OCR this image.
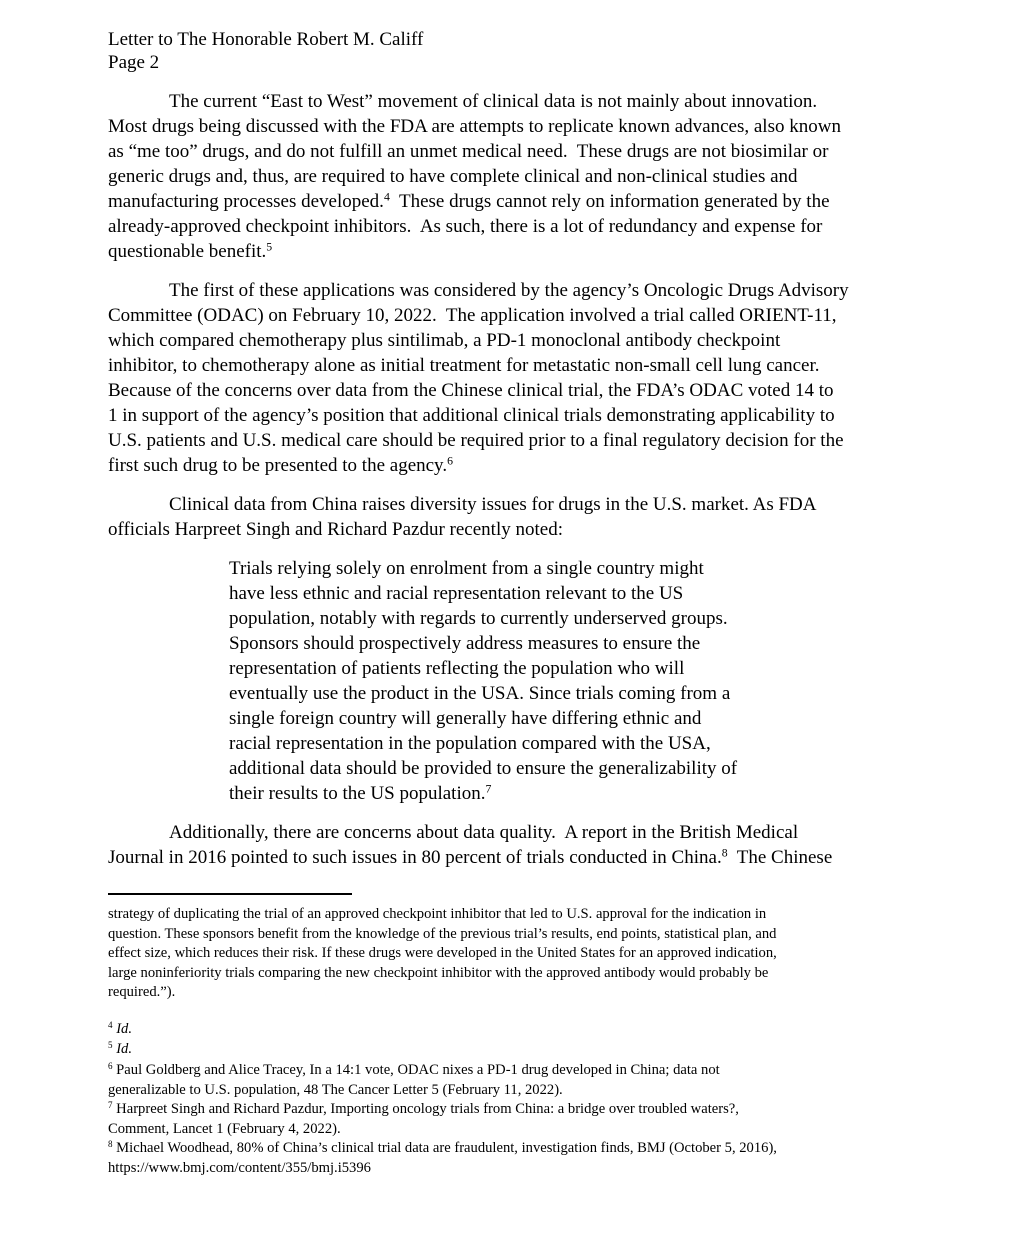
Letter to The Honorable Robert M. Califf
Page 2
The current “East to West” movement of clinical data is not mainly about innovation.
Most drugs being discussed with the FDA are attempts to replicate known advances, also known
as “me too” drugs, and do not fulfill an unmet medical need.  These drugs are not biosimilar or
generic drugs and, thus, are required to have complete clinical and non-clinical studies and
manufacturing processes developed.$^4$  These drugs cannot rely on information generated by the
already-approved checkpoint inhibitors.  As such, there is a lot of redundancy and expense for
questionable benefit.$^5$
The first of these applications was considered by the agency’s Oncologic Drugs Advisory
Committee (ODAC) on February 10, 2022.  The application involved a trial called ORIENT-11,
which compared chemotherapy plus sintilimab, a PD-1 monoclonal antibody checkpoint
inhibitor, to chemotherapy alone as initial treatment for metastatic non-small cell lung cancer.
Because of the concerns over data from the Chinese clinical trial, the FDA’s ODAC voted 14 to
1 in support of the agency’s position that additional clinical trials demonstrating applicability to
U.S. patients and U.S. medical care should be required prior to a final regulatory decision for the
first such drug to be presented to the agency.$^6$
Clinical data from China raises diversity issues for drugs in the U.S. market. As FDA
officials Harpreet Singh and Richard Pazdur recently noted:
Trials relying solely on enrolment from a single country might
have less ethnic and racial representation relevant to the US
population, notably with regards to currently underserved groups.
Sponsors should prospectively address measures to ensure the
representation of patients reflecting the population who will
eventually use the product in the USA. Since trials coming from a
single foreign country will generally have differing ethnic and
racial representation in the population compared with the USA,
additional data should be provided to ensure the generalizability of
their results to the US population.$^7$
Additionally, there are concerns about data quality.  A report in the British Medical
Journal in 2016 pointed to such issues in 80 percent of trials conducted in China.$^8$  The Chinese
strategy of duplicating the trial of an approved checkpoint inhibitor that led to U.S. approval for the indication in
question. These sponsors benefit from the knowledge of the previous trial’s results, end points, statistical plan, and
effect size, which reduces their risk. If these drugs were developed in the United States for an approved indication,
large noninferiority trials comparing the new checkpoint inhibitor with the approved antibody would probably be
required.”).
$^4$ Id.
$^5$ Id.
$^6$ Paul Goldberg and Alice Tracey, In a 14:1 vote, ODAC nixes a PD-1 drug developed in China; data not
generalizable to U.S. population, 48 The Cancer Letter 5 (February 11, 2022).
$^7$ Harpreet Singh and Richard Pazdur, Importing oncology trials from China: a bridge over troubled waters?,
Comment, Lancet 1 (February 4, 2022).
$^8$ Michael Woodhead, 80% of China’s clinical trial data are fraudulent, investigation finds, BMJ (October 5, 2016),
https://www.bmj.com/content/355/bmj.i5396
